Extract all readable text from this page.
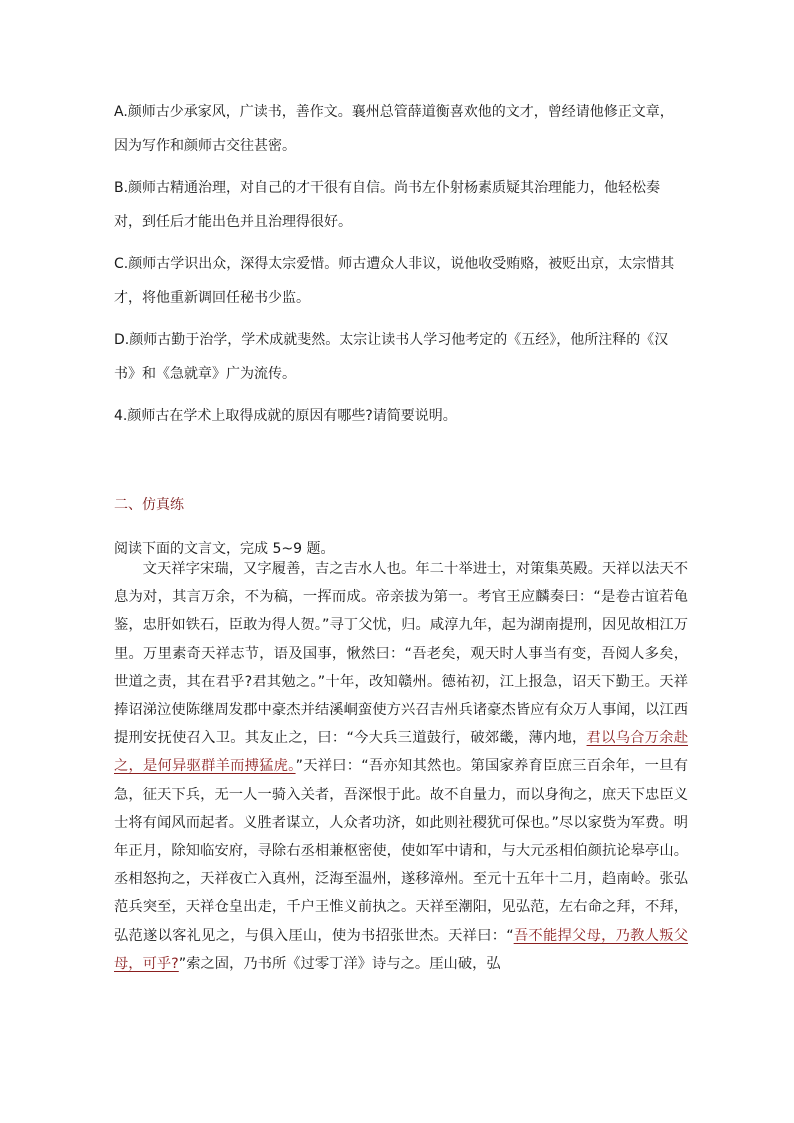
A.颜师古少承家风，广读书，善作文。襄州总管薛道衡喜欢他的文才，曾经请他修正文章，因为写作和颜师古交往甚密。

B.颜师古精通治理，对自己的才干很有自信。尚书左仆射杨素质疑其治理能力，他轻松奏对，到任后才能出色并且治理得很好。

C.颜师古学识出众，深得太宗爱惜。师古遭众人非议，说他收受贿赂，被贬出京，太宗惜其才，将他重新调回任秘书少监。

D.颜师古勤于治学，学术成就斐然。太宗让读书人学习他考定的《五经》，他所注释的《汉书》和《急就章》广为流传。

4.颜师古在学术上取得成就的原因有哪些?请简要说明。

二、仿真练

阅读下面的文言文，完成 5~9 题。

文天祥字宋瑞，又字履善，吉之吉水人也。年二十举进士，对策集英殿。天祥以法天不息为对，其言万余，不为稿，一挥而成。帝亲拔为第一。考官王应麟奏曰：“是卷古谊若龟鉴，忠肝如铁石，臣敢为得人贺。”寻丁父忧，归。咸淳九年，起为湖南提刑，因见故相江万里。万里素奇天祥志节，语及国事，愀然曰：“吾老矣，观天时人事当有变，吾阅人多矣，世道之责，其在君乎?君其勉之。”十年，改知赣州。德祐初，江上报急，诏天下勤王。天祥捧诏涕泣使陈继周发郡中豪杰并结溪峒蛮使方兴召吉州兵诸豪杰皆应有众万人事闻，以江西提刑安抚使召入卫。其友止之，曰：“今大兵三道鼓行，破郊畿，薄内地，君以乌合万余赴之，是何异驱群羊而搏猛虎。”天祥曰：“吾亦知其然也。第国家养育臣庶三百余年，一旦有急，征天下兵，无一人一骑入关者，吾深恨于此。故不自量力，而以身徇之，庶天下忠臣义士将有闻风而起者。义胜者谋立，人众者功济，如此则社稷犹可保也。”尽以家赀为军费。明年正月，除知临安府，寻除右丞相兼枢密使，使如军中请和，与大元丞相伯颜抗论皋亭山。丞相怒拘之，天祥夜亡入真州，泛海至温州，遂移漳州。至元十五年十二月，趋南岭。张弘范兵突至，天祥仓皇出走，千户王惟义前执之。天祥至潮阳，见弘范，左右命之拜，不拜，弘范遂以客礼见之，与俱入厓山，使为书招张世杰。天祥曰：“吾不能捍父母，乃教人叛父母，可乎?”索之固，乃书所《过零丁洋》诗与之。厓山破，弘
